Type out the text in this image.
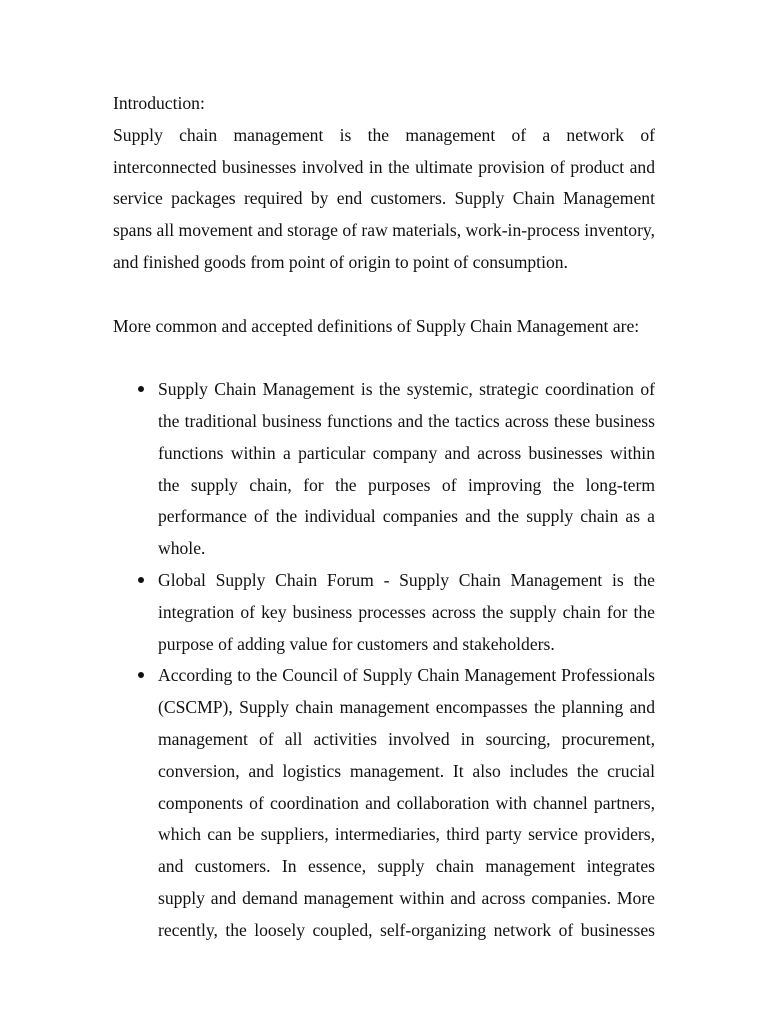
Introduction:
Supply chain management is the management of a network of
interconnected businesses involved in the ultimate provision of product and
service packages required by end customers. Supply Chain Management
spans all movement and storage of raw materials, work-in-process inventory,
and finished goods from point of origin to point of consumption.
More common and accepted definitions of Supply Chain Management are:
Supply Chain Management is the systemic, strategic coordination of
the traditional business functions and the tactics across these business
functions within a particular company and across businesses within
the supply chain, for the purposes of improving the long-term
performance of the individual companies and the supply chain as a
whole.
Global Supply Chain Forum - Supply Chain Management is the
integration of key business processes across the supply chain for the
purpose of adding value for customers and stakeholders.
According to the Council of Supply Chain Management Professionals
(CSCMP), Supply chain management encompasses the planning and
management of all activities involved in sourcing, procurement,
conversion, and logistics management. It also includes the crucial
components of coordination and collaboration with channel partners,
which can be suppliers, intermediaries, third party service providers,
and customers. In essence, supply chain management integrates
supply and demand management within and across companies. More
recently, the loosely coupled, self-organizing network of businesses
